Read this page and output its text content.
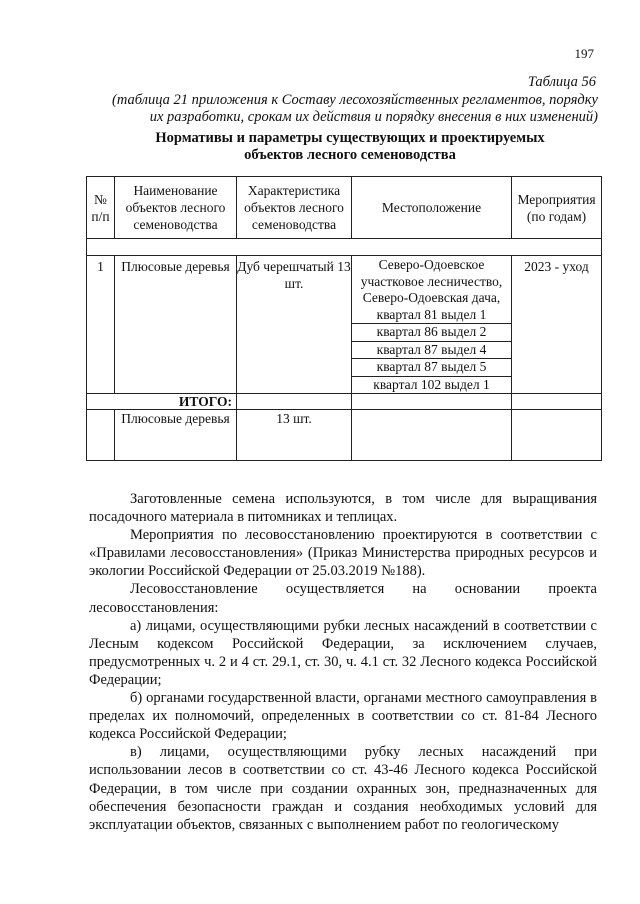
197
Таблица 56
(таблица 21 приложения к Составу лесохозяйственных регламентов, порядку
их разработки, срокам их действия и порядку внесения в них изменений)
Нормативы и параметры существующих и проектируемых
объектов лесного семеноводства
№ п/п	Наименование объектов лесного семеноводства	Характеристика объектов лесного семеноводства	Местоположение	Мероприятия (по годам)

1	Плюсовые деревья	Дуб черешчатый 13 шт.	Северо-Одоевское участковое лесничество, Северо-Одоевская дача, квартал 81 выдел 1
квартал 86 выдел 2
квартал 87 выдел 4
квартал 87 выдел 5
квартал 102 выдел 1	2023 - уход
ИТОГО:				
	Плюсовые деревья	13 шт.		

Заготовленные семена используются, в том числе для выращивания посадочного материала в питомниках и теплицах.

Мероприятия по лесовосстановлению проектируются в соответствии с «Правилами лесовосстановления» (Приказ Министерства природных ресурсов и экологии Российской Федерации от 25.03.2019 №188).

Лесовосстановление осуществляется на основании проекта лесовосстановления:

а) лицами, осуществляющими рубки лесных насаждений в соответствии с Лесным кодексом Российской Федерации, за исключением случаев, предусмотренных ч. 2 и 4 ст. 29.1, ст. 30, ч. 4.1 ст. 32 Лесного кодекса Российской Федерации;

б) органами государственной власти, органами местного самоуправления в пределах их полномочий, определенных в соответствии со ст. 81-84 Лесного кодекса Российской Федерации;

в) лицами, осуществляющими рубку лесных насаждений при использовании лесов в соответствии со ст. 43-46 Лесного кодекса Российской Федерации, в том числе при создании охранных зон, предназначенных для обеспечения безопасности граждан и создания необходимых условий для эксплуатации объектов, связанных с выполнением работ по геологическому
